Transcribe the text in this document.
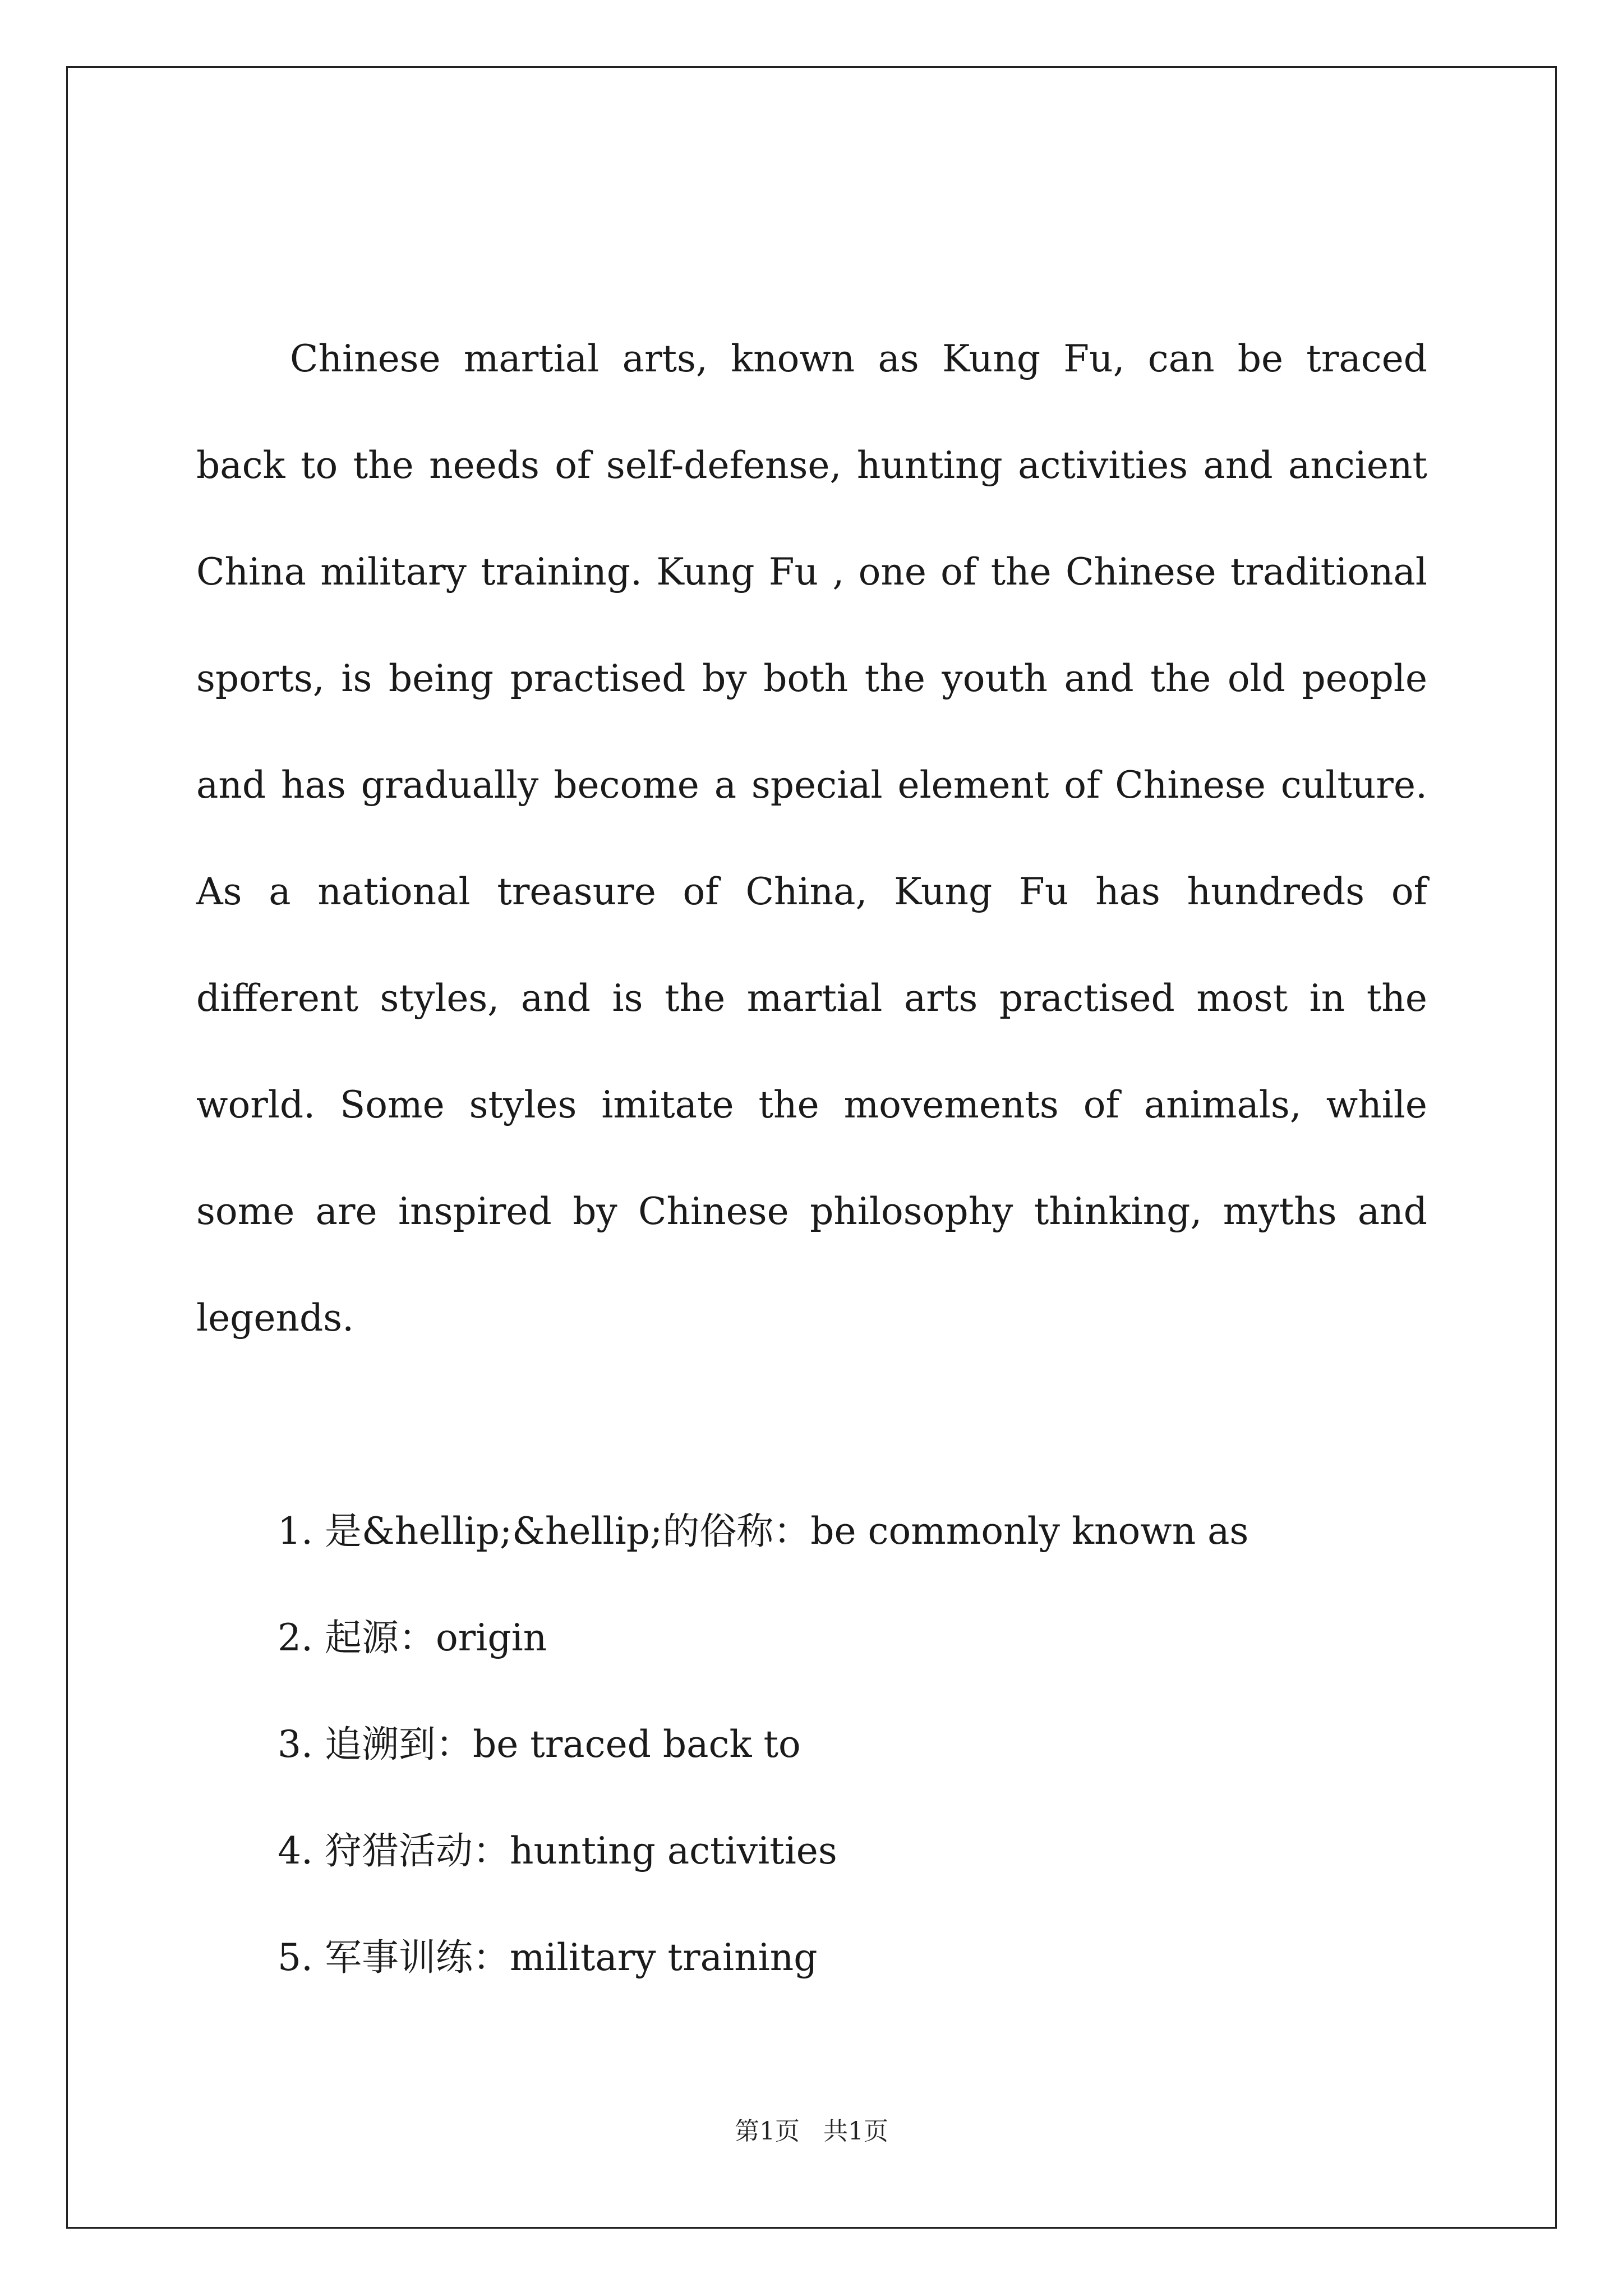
Chinese martial arts, known as Kung Fu, can be traced back to the needs of self-defense, hunting activities and ancient China military training. Kung Fu , one of the Chinese traditional sports, is being practised by both the youth and the old people and has gradually become a special element of Chinese culture. As a national treasure of China, Kung Fu has hundreds of different styles, and is the martial arts practised most in the world. Some styles imitate the movements of animals, while some are inspired by Chinese philosophy thinking, myths and legends.

1. 是&hellip;&hellip;的俗称：be commonly known as
2. 起源：origin
3. 追溯到：be traced back to
4. 狩猎活动：hunting activities
5. 军事训练：military training
第1页   共1页
